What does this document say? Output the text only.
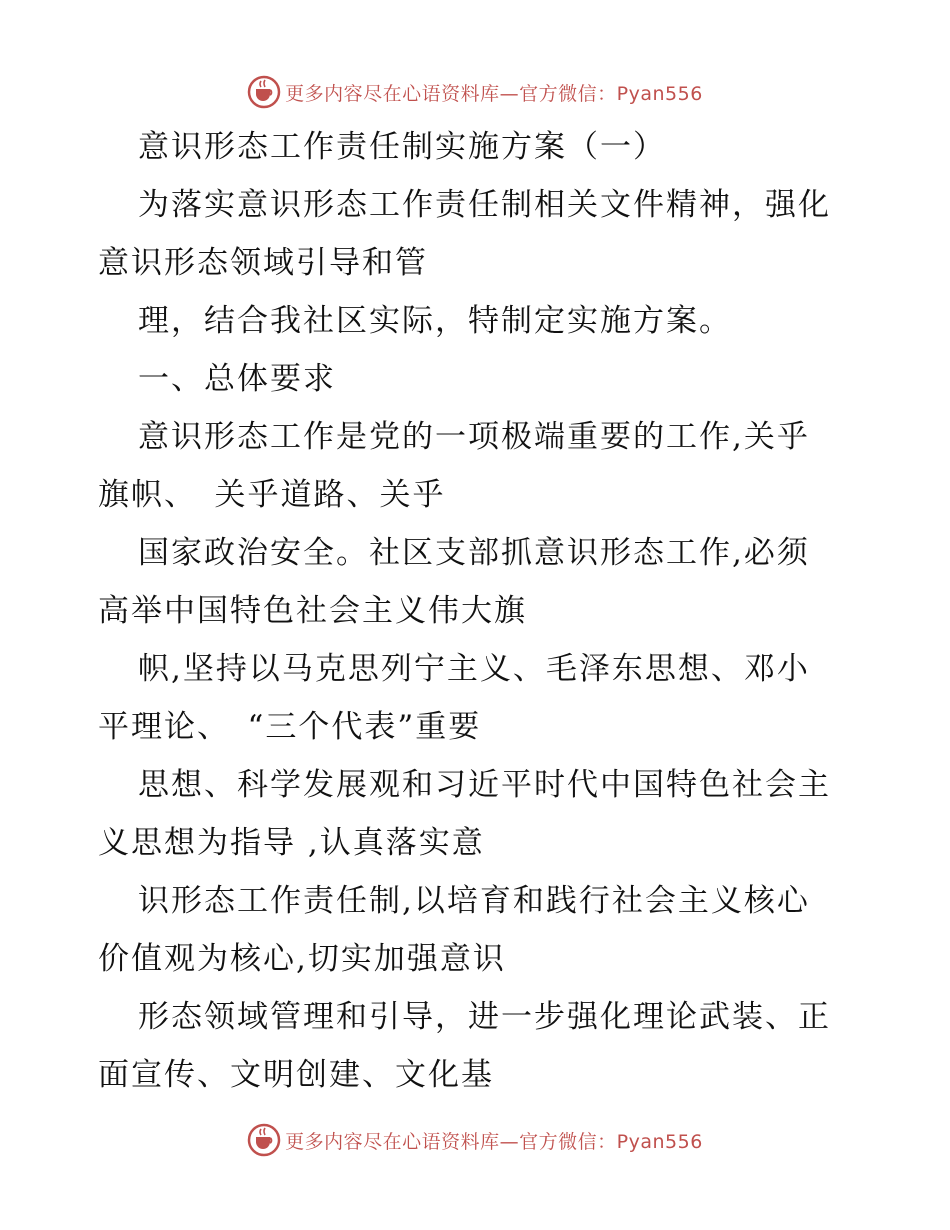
更多内容尽在心语资料库—官方微信：Pyan556

意识形态工作责任制实施方案（一）

为落实意识形态工作责任制相关文件精神，强化
意识形态领域引导和管

理，结合我社区实际，特制定实施方案。

一、总体要求

意识形态工作是党的一项极端重要的工作,关乎
旗帜、　关乎道路、关乎

国家政治安全。社区支部抓意识形态工作,必须
高举中国特色社会主义伟大旗

帜,坚持以马克思列宁主义、毛泽东思想、邓小
平理论、　“三个代表”重要

思想、科学发展观和习近平时代中国特色社会主
义思想为指导 ,认真落实意

识形态工作责任制,以培育和践行社会主义核心
价值观为核心,切实加强意识

形态领域管理和引导，进一步强化理论武装、正
面宣传、文明创建、文化基

更多内容尽在心语资料库—官方微信：Pyan556
